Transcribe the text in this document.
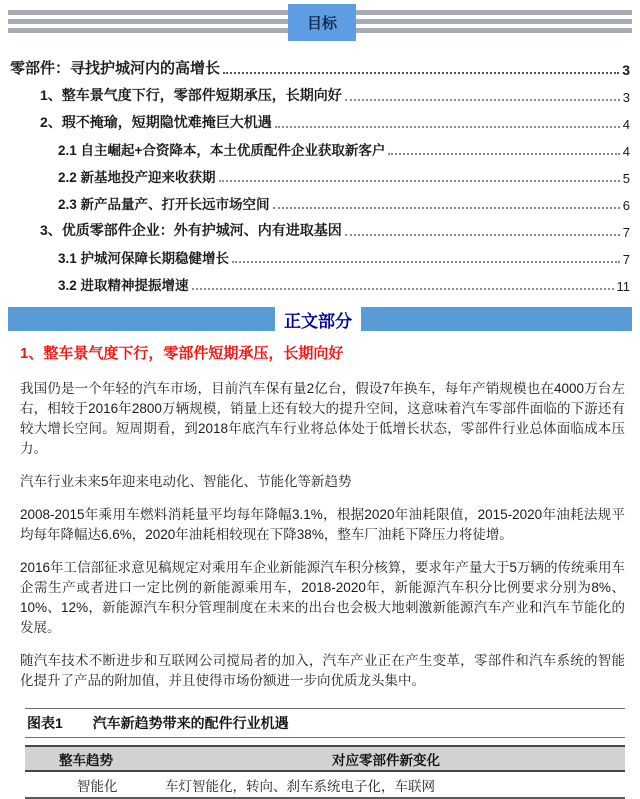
目标
零部件：寻找护城河内的高增长	3
1、整车景气度下行，零部件短期承压，长期向好	3
2、瑕不掩瑜，短期隐忧难掩巨大机遇	4
2.1 自主崛起+合资降本，本土优质配件企业获取新客户	4
2.2 新基地投产迎来收获期	5
2.3 新产品量产、打开长远市场空间	6
3、优质零部件企业：外有护城河、内有进取基因	7
3.1 护城河保障长期稳健增长	7
3.2 进取精神提振增速	11
正文部分
1、整车景气度下行，零部件短期承压，长期向好

我国仍是一个年轻的汽车市场，目前汽车保有量2亿台，假设7年换车，每年产销规模也在4000万台左右，相较于2016年2800万辆规模，销量上还有较大的提升空间，这意味着汽车零部件面临的下游还有较大增长空间。短周期看，到2018年底汽车行业将总体处于低增长状态，零部件行业总体面临成本压力。

汽车行业未来5年迎来电动化、智能化、节能化等新趋势

2008-2015年乘用车燃料消耗量平均每年降幅3.1%，根据2020年油耗限值，2015-2020年油耗法规平均每年降幅达6.6%，2020年油耗相较现在下降38%，整车厂油耗下降压力将徒增。

2016年工信部征求意见稿规定对乘用车企业新能源汽车积分核算，要求年产量大于5万辆的传统乘用车企需生产或者进口一定比例的新能源乘用车，2018-2020年，新能源汽车积分比例要求分别为8%、10%、12%，新能源汽车积分管理制度在未来的出台也会极大地刺激新能源汽车产业和汽车节能化的发展。

随汽车技术不断进步和互联网公司搅局者的加入，汽车产业正在产生变革，零部件和汽车系统的智能化提升了产品的附加值，并且使得市场份额进一步向优质龙头集中。

图表1 汽车新趋势带来的配件行业机遇
整车趋势	对应零部件新变化
智能化	车灯智能化，转向、刹车系统电子化，车联网
